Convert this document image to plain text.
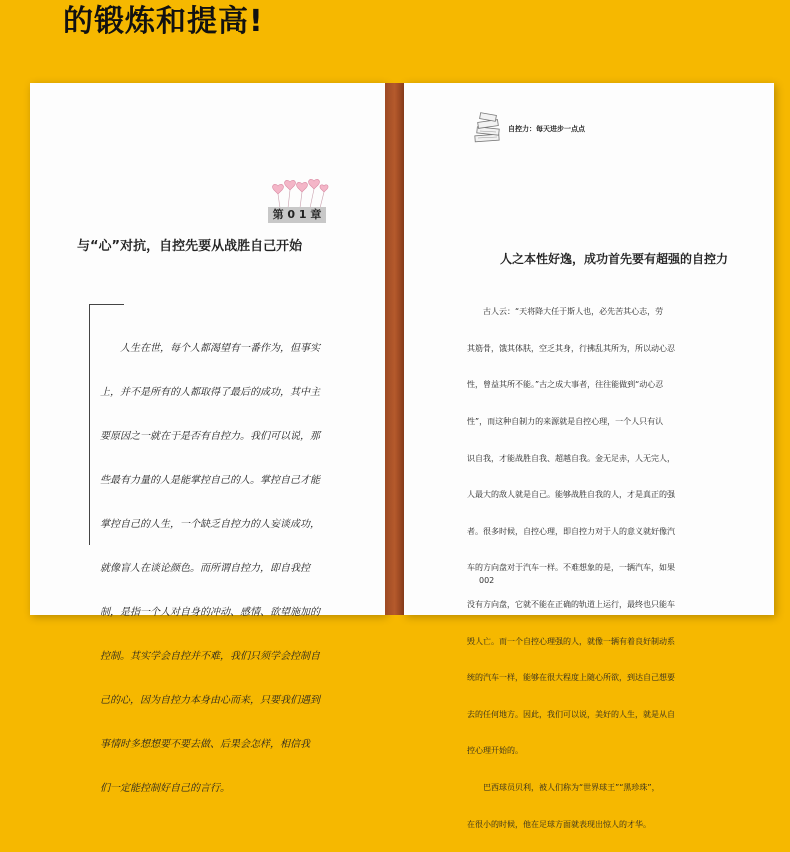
的锻炼和提高!
第 0 1 章
与“心”对抗，自控先要从战胜自己开始

人生在世，每个人都渴望有一番作为，但事实

上，并不是所有的人都取得了最后的成功，其中主

要原因之一就在于是否有自控力。我们可以说，那

些最有力量的人是能掌控自己的人。掌控自己才能

掌控自己的人生，一个缺乏自控力的人妄谈成功，

就像盲人在谈论颜色。而所谓自控力，即自我控

制，是指一个人对自身的冲动、感情、欲望施加的

控制。其实学会自控并不难，我们只须学会控制自

己的心，因为自控力本身由心而来，只要我们遇到

事情时多想想要不要去做、后果会怎样，相信我

们一定能控制好自己的言行。

自控力：每天进步一点点
人之本性好逸，成功首先要有超强的自控力

古人云：“天将降大任于斯人也，必先苦其心志，劳

其筋骨，饿其体肤，空乏其身，行拂乱其所为，所以动心忍

性，曾益其所不能。”古之成大事者，往往能做到“动心忍

性”，而这种自制力的来源就是自控心理，一个人只有认

识自我，才能战胜自我、超越自我。金无足赤，人无完人，

人最大的敌人就是自己。能够战胜自我的人，才是真正的强

者。很多时候，自控心理，即自控力对于人的意义就好像汽

车的方向盘对于汽车一样。不难想象的是，一辆汽车，如果

没有方向盘，它就不能在正确的轨道上运行，最终也只能车

毁人亡。而一个自控心理强的人，就像一辆有着良好制动系

统的汽车一样，能够在很大程度上随心所欲，到达自己想要

去的任何地方。因此，我们可以说，美好的人生，就是从自

控心理开始的。

巴西球员贝利，被人们称为“世界球王”“黑珍珠”，

在很小的时候，他在足球方面就表现出惊人的才华。

002
